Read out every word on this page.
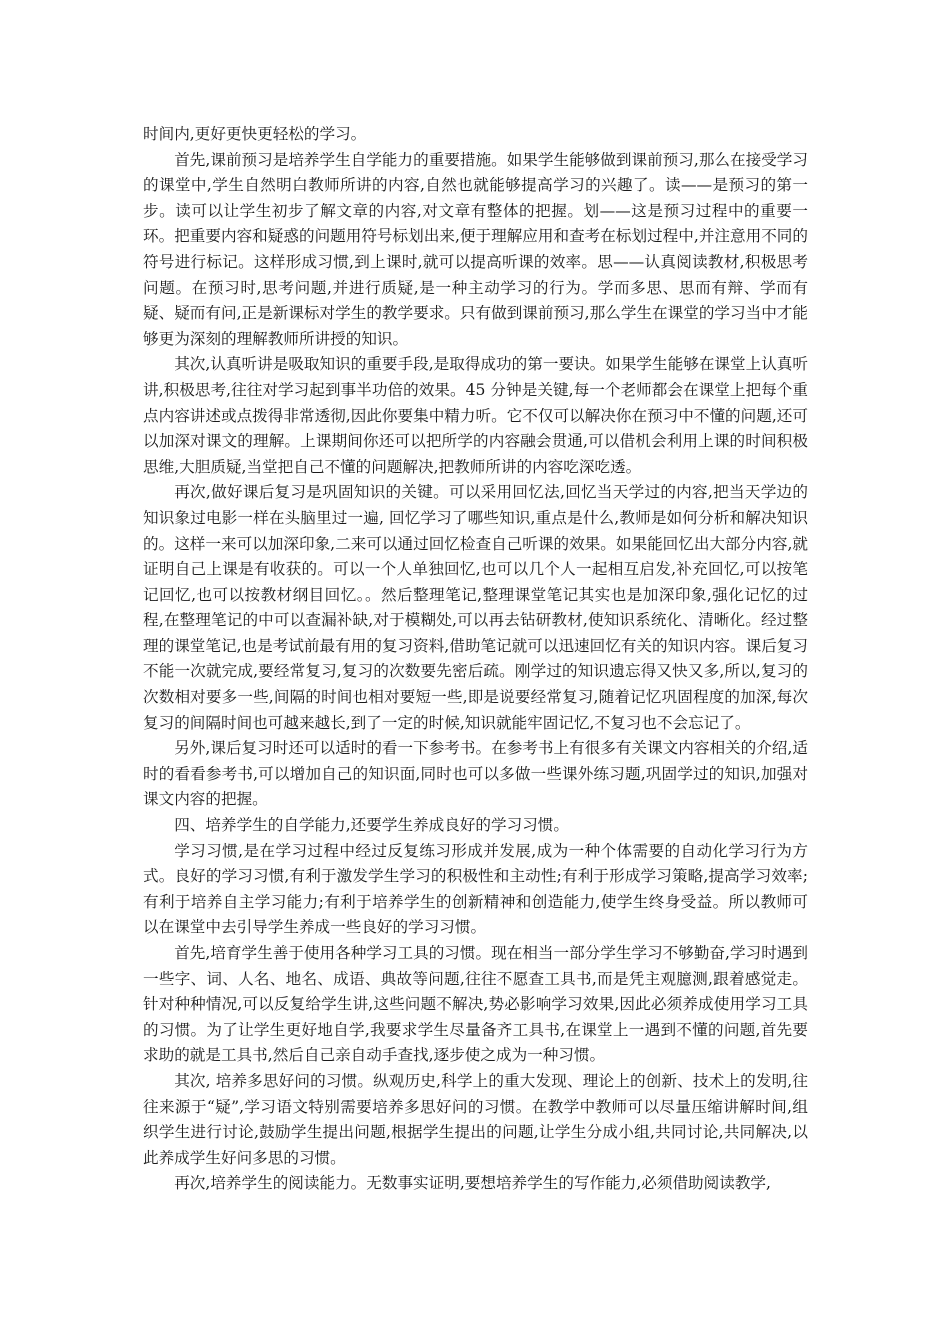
时间内,更好更快更轻松的学习。

首先,课前预习是培养学生自学能力的重要措施。如果学生能够做到课前预习,那么在接受学习的课堂中,学生自然明白教师所讲的内容,自然也就能够提高学习的兴趣了。读——是预习的第一步。读可以让学生初步了解文章的内容,对文章有整体的把握。划——这是预习过程中的重要一环。把重要内容和疑惑的问题用符号标划出来,便于理解应用和查考在标划过程中,并注意用不同的符号进行标记。这样形成习惯,到上课时,就可以提高听课的效率。思——认真阅读教材,积极思考问题。在预习时,思考问题,并进行质疑,是一种主动学习的行为。学而多思、思而有辩、学而有疑、疑而有问,正是新课标对学生的教学要求。只有做到课前预习,那么学生在课堂的学习当中才能够更为深刻的理解教师所讲授的知识。

其次,认真听讲是吸取知识的重要手段,是取得成功的第一要诀。如果学生能够在课堂上认真听讲,积极思考,往往对学习起到事半功倍的效果。45 分钟是关键,每一个老师都会在课堂上把每个重点内容讲述或点拨得非常透彻,因此你要集中精力听。它不仅可以解决你在预习中不懂的问题,还可以加深对课文的理解。上课期间你还可以把所学的内容融会贯通,可以借机会利用上课的时间积极思维,大胆质疑,当堂把自己不懂的问题解决,把教师所讲的内容吃深吃透。

再次,做好课后复习是巩固知识的关键。可以采用回忆法,回忆当天学过的内容,把当天学边的知识象过电影一样在头脑里过一遍, 回忆学习了哪些知识,重点是什么,教师是如何分析和解决知识的。这样一来可以加深印象,二来可以通过回忆检查自己听课的效果。如果能回忆出大部分内容,就证明自己上课是有收获的。可以一个人单独回忆,也可以几个人一起相互启发,补充回忆,可以按笔记回忆,也可以按教材纲目回忆。。然后整理笔记,整理课堂笔记其实也是加深印象,强化记忆的过程,在整理笔记的中可以查漏补缺,对于模糊处,可以再去钻研教材,使知识系统化、清晰化。经过整理的课堂笔记,也是考试前最有用的复习资料,借助笔记就可以迅速回忆有关的知识内容。课后复习不能一次就完成,要经常复习,复习的次数要先密后疏。刚学过的知识遗忘得又快又多,所以,复习的次数相对要多一些,间隔的时间也相对要短一些,即是说要经常复习,随着记忆巩固程度的加深,每次复习的间隔时间也可越来越长,到了一定的时候,知识就能牢固记忆,不复习也不会忘记了。

另外,课后复习时还可以适时的看一下参考书。在参考书上有很多有关课文内容相关的介绍,适时的看看参考书,可以增加自己的知识面,同时也可以多做一些课外练习题,巩固学过的知识,加强对课文内容的把握。

四、培养学生的自学能力,还要学生养成良好的学习习惯。

学习习惯,是在学习过程中经过反复练习形成并发展,成为一种个体需要的自动化学习行为方式。良好的学习习惯,有利于激发学生学习的积极性和主动性;有利于形成学习策略,提高学习效率;有利于培养自主学习能力;有利于培养学生的创新精神和创造能力,使学生终身受益。所以教师可以在课堂中去引导学生养成一些良好的学习习惯。

首先,培育学生善于使用各种学习工具的习惯。现在相当一部分学生学习不够勤奋,学习时遇到一些字、词、人名、地名、成语、典故等问题,往往不愿查工具书,而是凭主观臆测,跟着感觉走。针对种种情况,可以反复给学生讲,这些问题不解决,势必影响学习效果,因此必须养成使用学习工具的习惯。为了让学生更好地自学,我要求学生尽量备齐工具书,在课堂上一遇到不懂的问题,首先要求助的就是工具书,然后自己亲自动手查找,逐步使之成为一种习惯。

其次, 培养多思好问的习惯。纵观历史,科学上的重大发现、理论上的创新、技术上的发明,往往来源于“疑”,学习语文特别需要培养多思好问的习惯。在教学中教师可以尽量压缩讲解时间,组织学生进行讨论,鼓励学生提出问题,根据学生提出的问题,让学生分成小组,共同讨论,共同解决,以此养成学生好问多思的习惯。

再次,培养学生的阅读能力。无数事实证明,要想培养学生的写作能力,必须借助阅读教学,
